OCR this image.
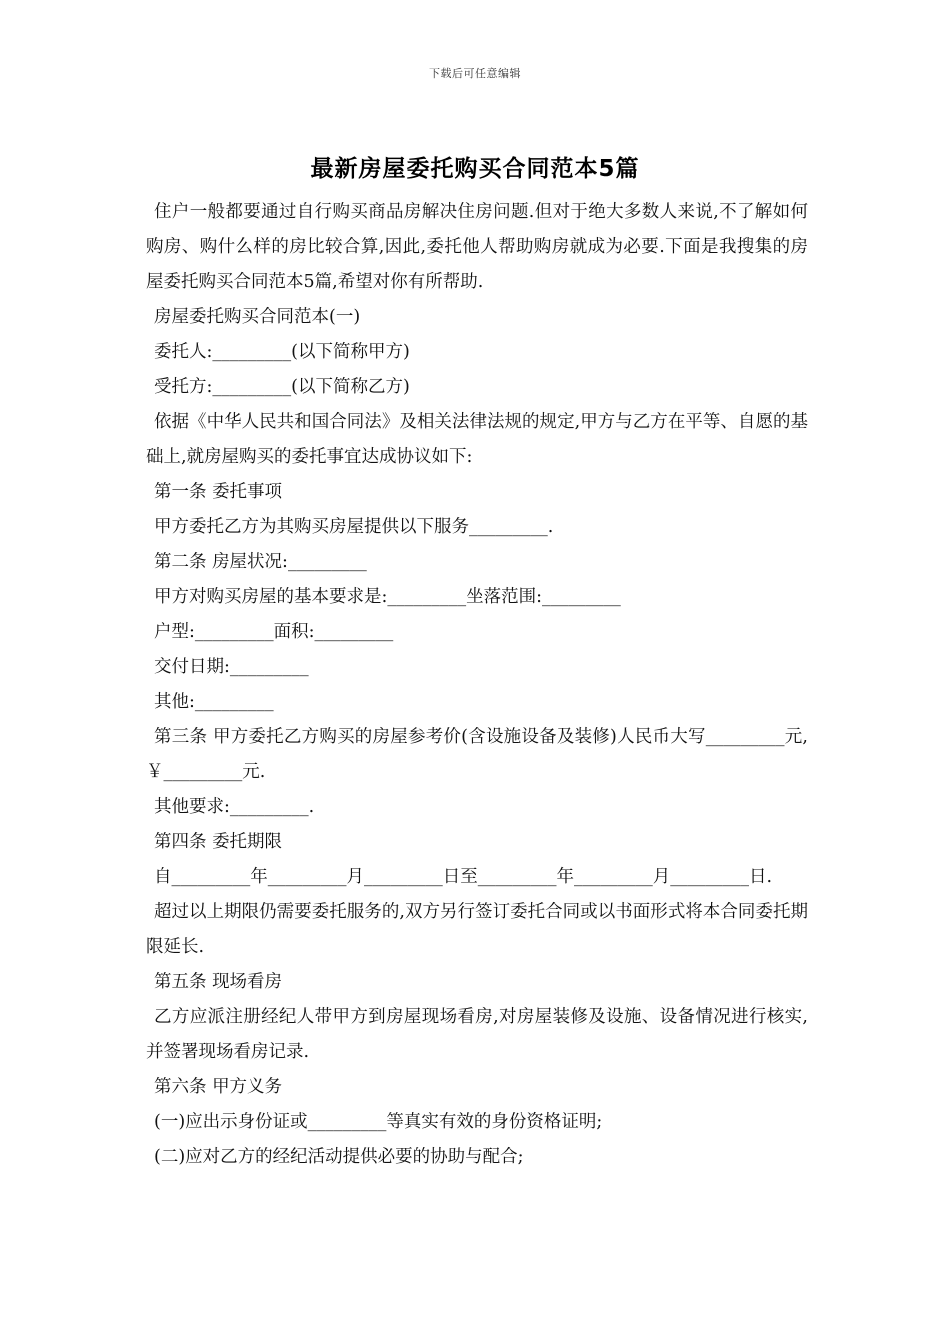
下载后可任意编辑
最新房屋委托购买合同范本5篇

住户一般都要通过自行购买商品房解决住房问题.但对于绝大多数人来说,不了解如何购房、购什么样的房比较合算,因此,委托他人帮助购房就成为必要.下面是我搜集的房屋委托购买合同范本5篇,希望对你有所帮助.

房屋委托购买合同范本(一)

委托人:_________(以下简称甲方)

受托方:_________(以下简称乙方)

依据《中华人民共和国合同法》及相关法律法规的规定,甲方与乙方在平等、自愿的基础上,就房屋购买的委托事宜达成协议如下:

第一条 委托事项

甲方委托乙方为其购买房屋提供以下服务_________.

第二条 房屋状况:_________

甲方对购买房屋的基本要求是:_________坐落范围:_________

户型:_________面积:_________

交付日期:_________

其他:_________

第三条 甲方委托乙方购买的房屋参考价(含设施设备及装修)人民币大写_________元,￥_________元.

其他要求:_________.

第四条 委托期限

自_________年_________月_________日至_________年_________月_________日.

超过以上期限仍需要委托服务的,双方另行签订委托合同或以书面形式将本合同委托期限延长.

第五条 现场看房

乙方应派注册经纪人带甲方到房屋现场看房,对房屋装修及设施、设备情况进行核实,并签署现场看房记录.

第六条 甲方义务

(一)应出示身份证或_________等真实有效的身份资格证明;

(二)应对乙方的经纪活动提供必要的协助与配合;
